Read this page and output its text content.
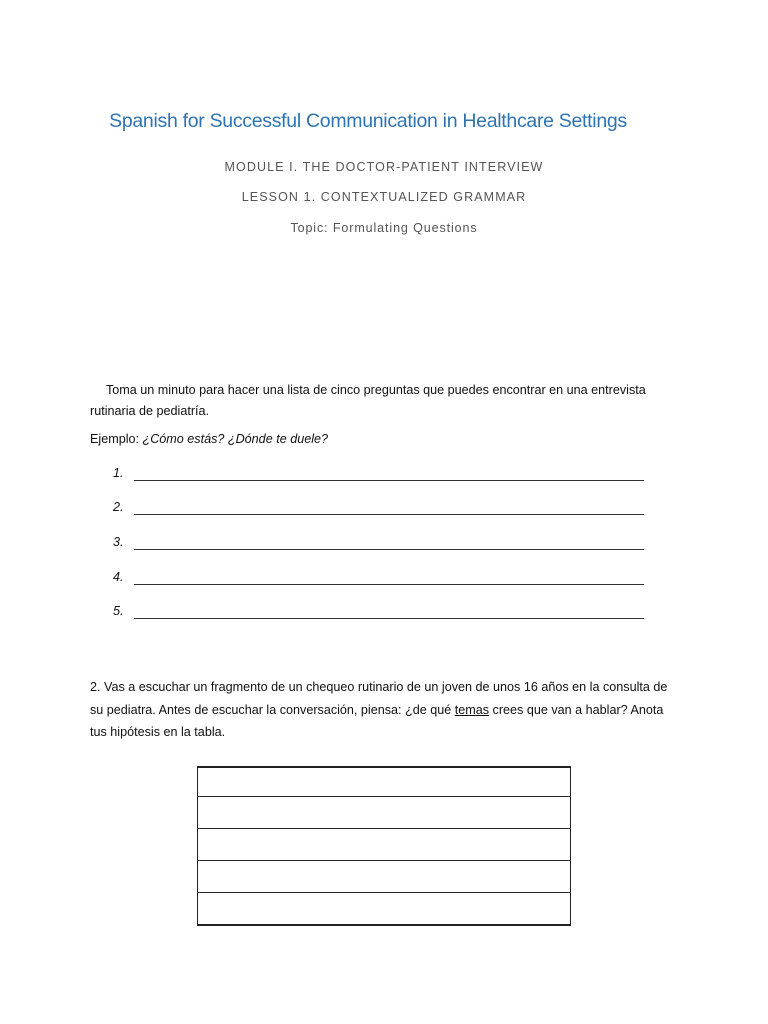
Spanish for Successful Communication in Healthcare Settings
MODULE I. THE DOCTOR-PATIENT INTERVIEW
LESSON 1. CONTEXTUALIZED GRAMMAR
Topic: Formulating Questions
Toma un minuto para hacer una lista de cinco preguntas que puedes encontrar en una entrevista rutinaria de pediatría.
Ejemplo: ¿Cómo estás? ¿Dónde te duele?
1.
2.
3.
4.
5.
2. Vas a escuchar un fragmento de un chequeo rutinario de un joven de unos 16 años en la consulta de su pediatra. Antes de escuchar la conversación, piensa: ¿de qué temas crees que van a hablar? Anota tus hipótesis en la tabla.
